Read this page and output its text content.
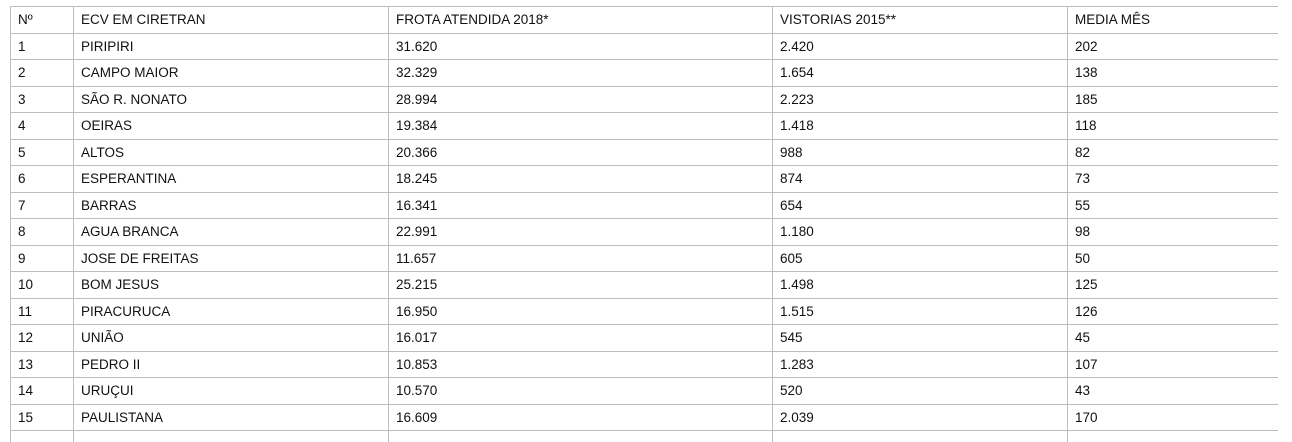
Nº	ECV EM CIRETRAN	FROTA ATENDIDA 2018*	VISTORIAS 2015**	MEDIA MÊS
1	PIRIPIRI	31.620	2.420	202
2	CAMPO MAIOR	32.329	1.654	138
3	SÃO R. NONATO	28.994	2.223	185
4	OEIRAS	19.384	1.418	118
5	ALTOS	20.366	988	82
6	ESPERANTINA	18.245	874	73
7	BARRAS	16.341	654	55
8	AGUA BRANCA	22.991	1.180	98
9	JOSE DE FREITAS	11.657	605	50
10	BOM JESUS	25.215	1.498	125
11	PIRACURUCA	16.950	1.515	126
12	UNIÃO	16.017	545	45
13	PEDRO II	10.853	1.283	107
14	URUÇUI	10.570	520	43
15	PAULISTANA	16.609	2.039	170
